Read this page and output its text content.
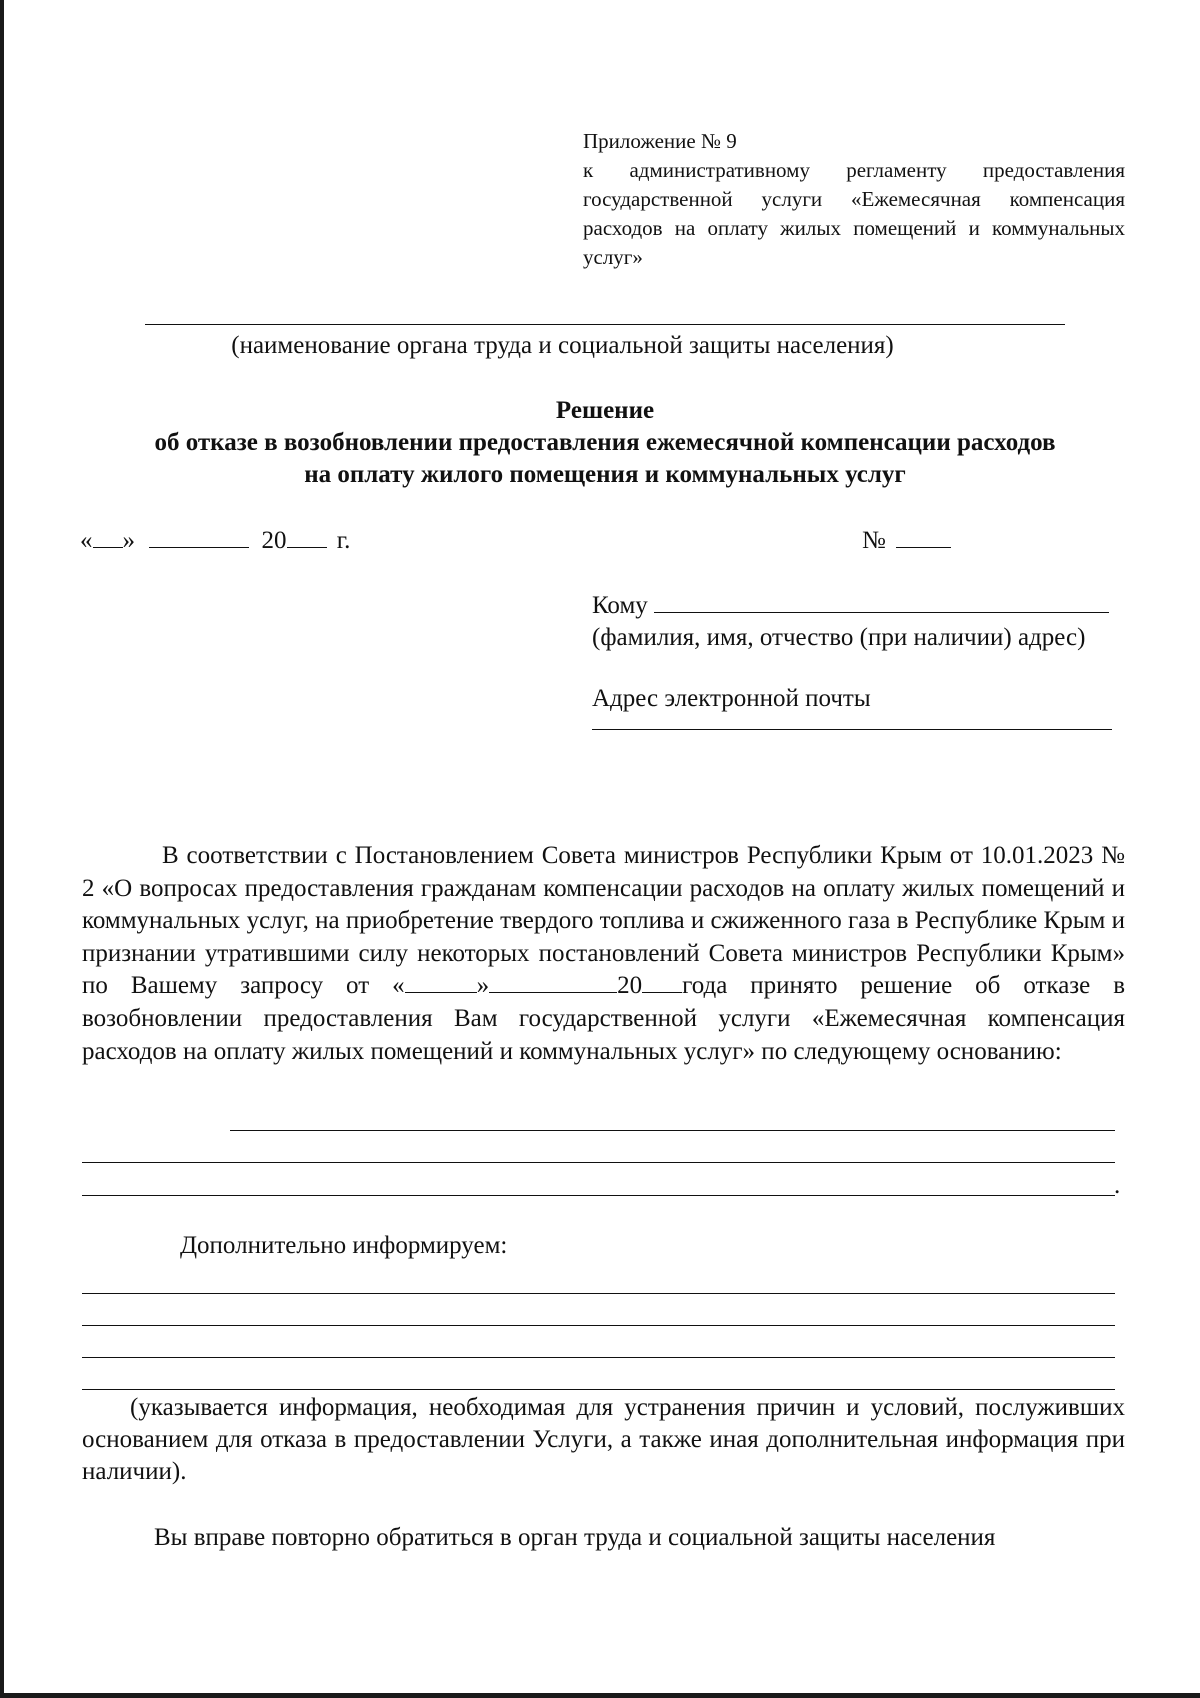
Приложение № 9
к административному регламенту предоставления государственной услуги «Ежемесячная компенсация расходов на оплату жилых помещений и коммунальных услуг»
(наименование органа труда и социальной защиты населения)
Решение
об отказе в возобновлении предоставления ежемесячной компенсации расходов
на оплату жилого помещения и коммунальных услуг
« »	20 г.	№
Кому
(фамилия, имя, отчество (при наличии) адрес)
Адрес электронной почты
В соответствии с Постановлением Совета министров Республики Крым от 10.01.2023 № 2 «О вопросах предоставления гражданам компенсации расходов на оплату жилых помещений и коммунальных услуг, на приобретение твердого топлива и сжиженного газа в Республике Крым и признании утратившими силу некоторых постановлений Совета министров Республики Крым» по Вашему запросу от «	»	20 года принято решение об отказе в возобновлении предоставления Вам государственной услуги «Ежемесячная компенсация расходов на оплату жилых помещений и коммунальных услуг» по следующему основанию:
.
Дополнительно информируем:
(указывается информация, необходимая для устранения причин и условий, послуживших основанием для отказа в предоставлении Услуги, а также иная дополнительная информация при наличии).
Вы вправе повторно обратиться в орган труда и социальной защиты населения
